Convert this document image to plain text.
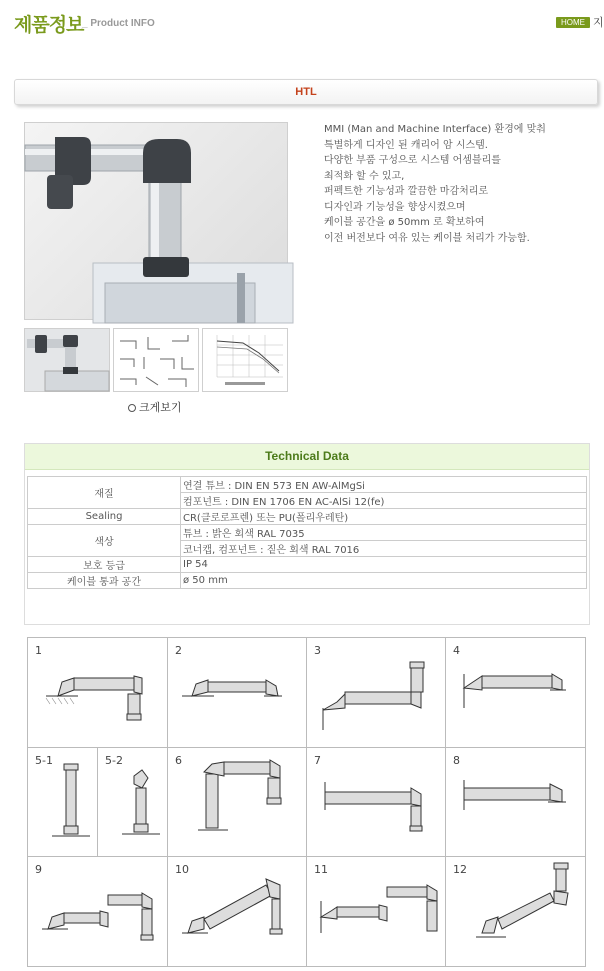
제품정보
_ Product INFO	HOME 지
HTL
크게보기
MMI (Man and Machine Interface) 환경에 맞춰
특별하게 디자인 된 캐리어 암 시스템.
다양한 부품 구성으로 시스템 어셈블리를
최적화 할 수 있고,
퍼펙트한 기능성과 깔끔한 마감처리로
디자인과 기능성을 향상시켰으며
케이블 공간을 ø 50mm 로 확보하여
이전 버전보다 여유 있는 케이블 처리가 가능함.
Technical Data
재질	연결 튜브 : DIN EN 573 EN AW-AlMgSi
	컴포넌트 : DIN EN 1706 EN AC-AlSi 12(fe)
Sealing	CR(클로로프렌) 또는 PU(폴리우레탄)
색상	튜브 : 밝은 회색 RAL 7035
	코너캡, 컴포넌트 : 짙은 회색 RAL 7016
보호 등급	IP 54
케이블 통과 공간	ø 50 mm
1	2	3	4
5-1	5-2	6	7	8
9	10	11	12
